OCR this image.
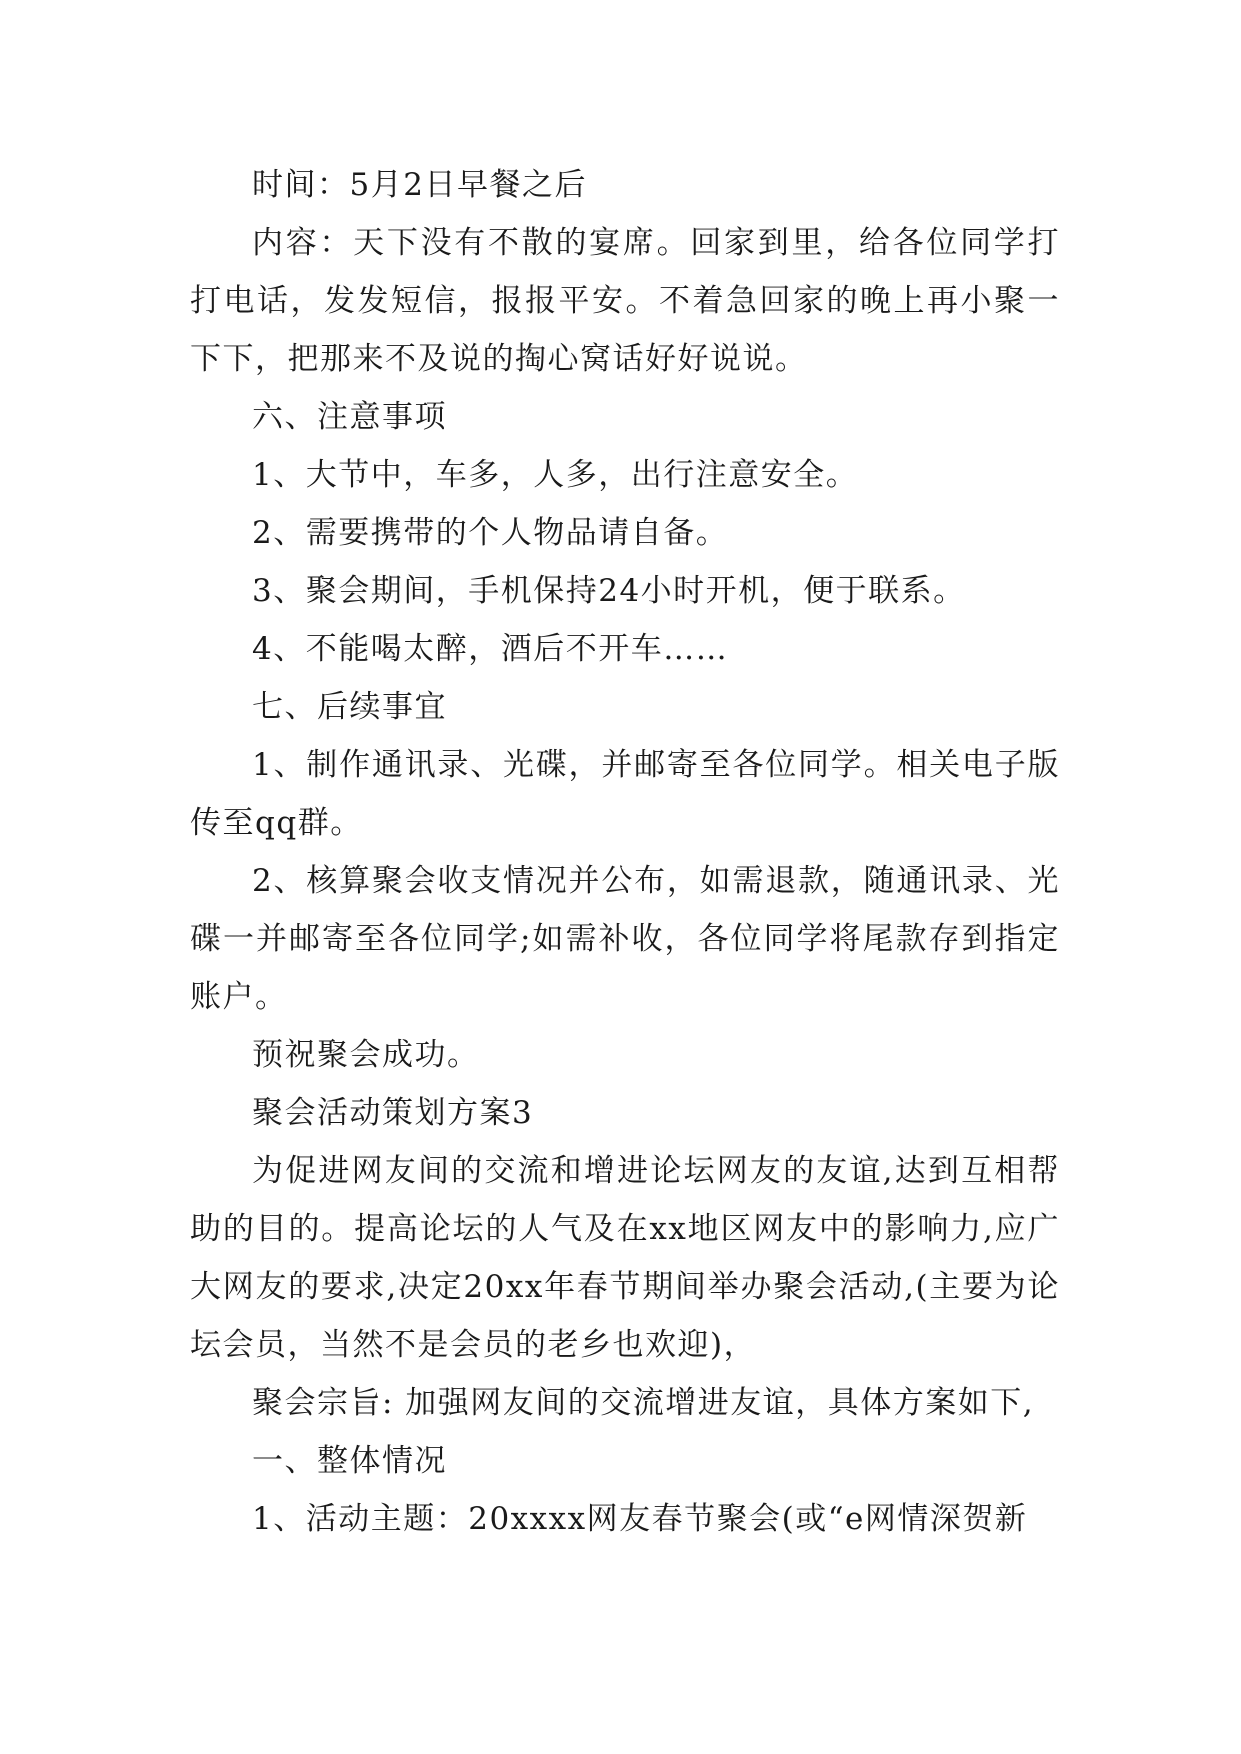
时间：5月2日早餐之后

内容：天下没有不散的宴席。回家到里，给各位同学打打电话，发发短信，报报平安。不着急回家的晚上再小聚一下下，把那来不及说的掏心窝话好好说说。

六、注意事项

1、大节中，车多，人多，出行注意安全。

2、需要携带的个人物品请自备。

3、聚会期间，手机保持24小时开机，便于联系。

4、不能喝太醉，酒后不开车……

七、后续事宜

1、制作通讯录、光碟，并邮寄至各位同学。相关电子版传至qq群。

2、核算聚会收支情况并公布，如需退款，随通讯录、光碟一并邮寄至各位同学;如需补收，各位同学将尾款存到指定账户。

预祝聚会成功。

聚会活动策划方案3

为促进网友间的交流和增进论坛网友的友谊,达到互相帮助的目的。提高论坛的人气及在xx地区网友中的影响力,应广大网友的要求,决定20xx年春节期间举办聚会活动,(主要为论坛会员，当然不是会员的老乡也欢迎)，

聚会宗旨: 加强网友间的交流增进友谊，具体方案如下,

一、整体情况

1、活动主题：20xxxx网友春节聚会(或“e网情深贺新
